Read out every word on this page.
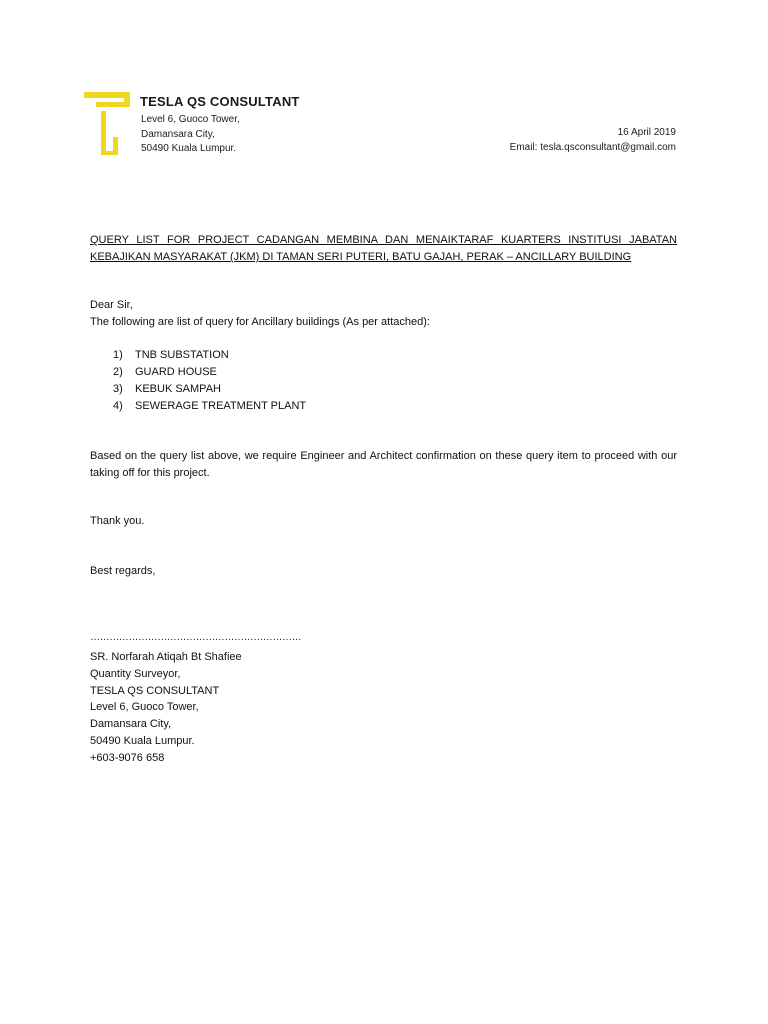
TESLA QS CONSULTANT
Level 6, Guoco Tower,
Damansara City,
50490 Kuala Lumpur.
16 April 2019
Email: tesla.qsconsultant@gmail.com
QUERY LIST FOR PROJECT CADANGAN MEMBINA DAN MENAIKTARAF KUARTERS INSTITUSI JABATAN KEBAJIKAN MASYARAKAT (JKM) DI TAMAN SERI PUTERI, BATU GAJAH, PERAK – ANCILLARY BUILDING
Dear Sir,
The following are list of query for Ancillary buildings (As per attached):
1)	TNB SUBSTATION
2)	GUARD HOUSE
3)	KEBUK SAMPAH
4)	SEWERAGE TREATMENT PLANT
Based on the query list above, we require Engineer and Architect confirmation on these query item to proceed with our taking off for this project.
Thank you.
Best regards,
…………………………………………………………
SR. Norfarah Atiqah Bt Shafiee
Quantity Surveyor,
TESLA QS CONSULTANT
Level 6, Guoco Tower,
Damansara City,
50490 Kuala Lumpur.
+603-9076 658
